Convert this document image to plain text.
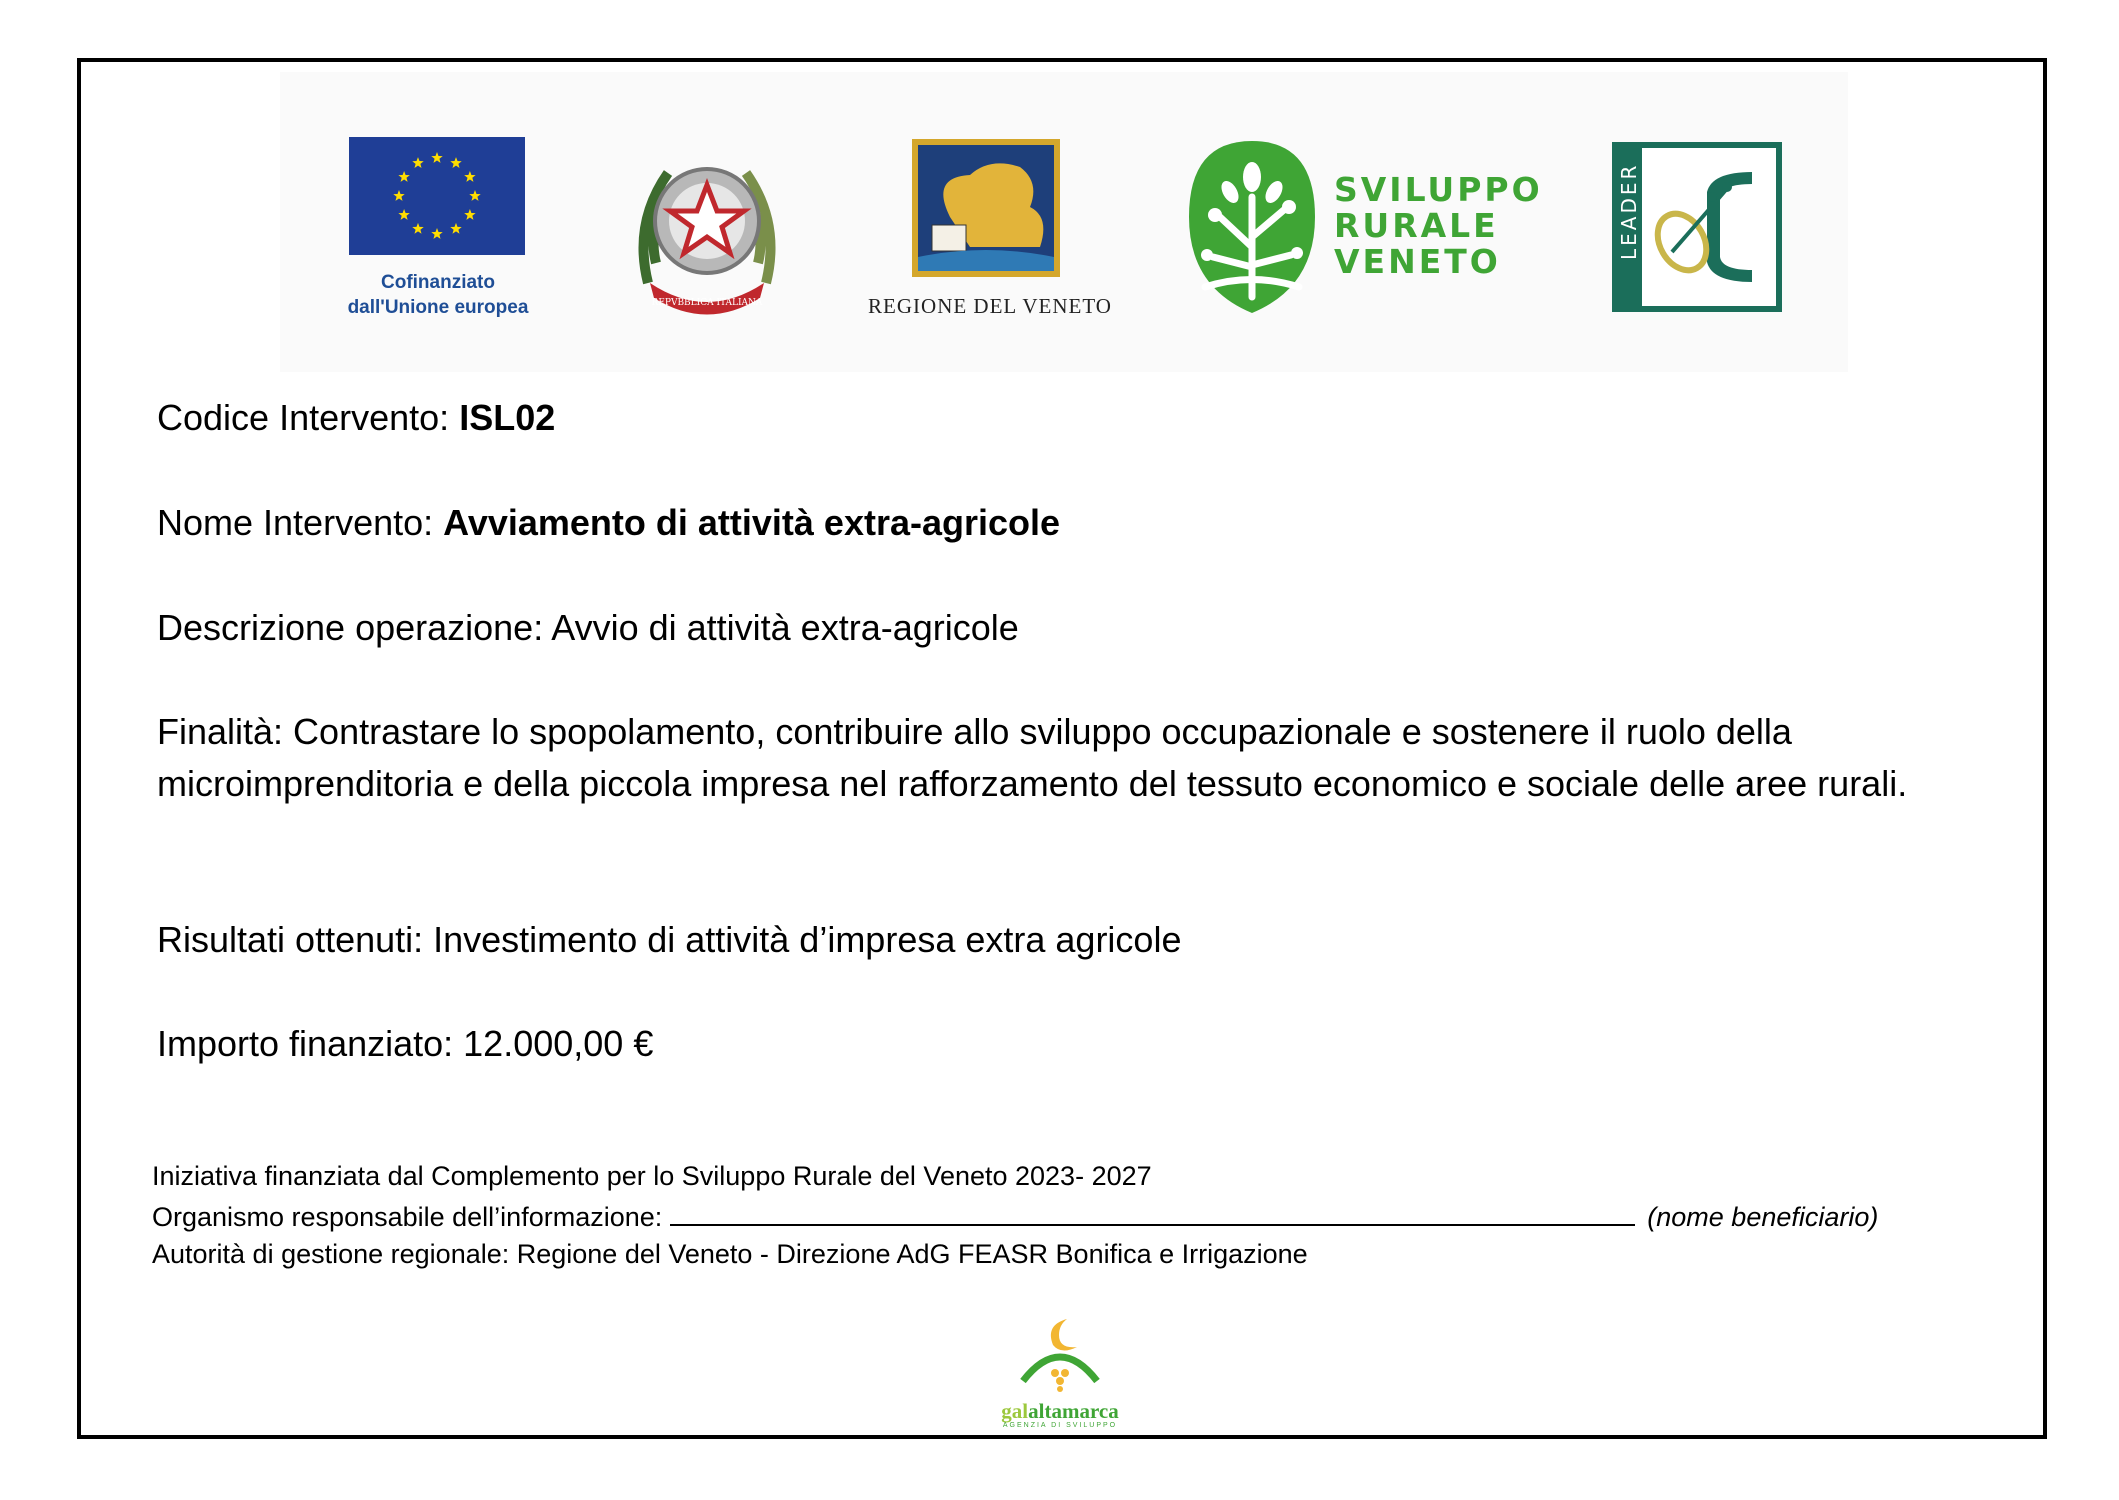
Cofinanziato
dall'Unione europea	REPVBBLICA ITALIANA	REGIONE DEL VENETO
SVILUPPO
RURALE
VENETO
LEADER
Codice Intervento: ISL02
Nome Intervento: Avviamento di attività extra-agricole
Descrizione operazione: Avvio di attività extra-agricole
Finalità: Contrastare lo spopolamento, contribuire allo sviluppo occupazionale e sostenere il ruolo della microimprenditoria e della piccola impresa nel rafforzamento del tessuto economico e sociale delle aree rurali.
Risultati ottenuti: Investimento di attività d’impresa extra agricole
Importo finanziato: 12.000,00 €
Iniziativa finanziata dal Complemento per lo Sviluppo Rurale del Veneto 2023- 2027
Organismo responsabile dell’informazione:	(nome beneficiario)
Autorità di gestione regionale: Regione del Veneto - Direzione AdG FEASR Bonifica e Irrigazione
galaltamarca
AGENZIA DI SVILUPPO
